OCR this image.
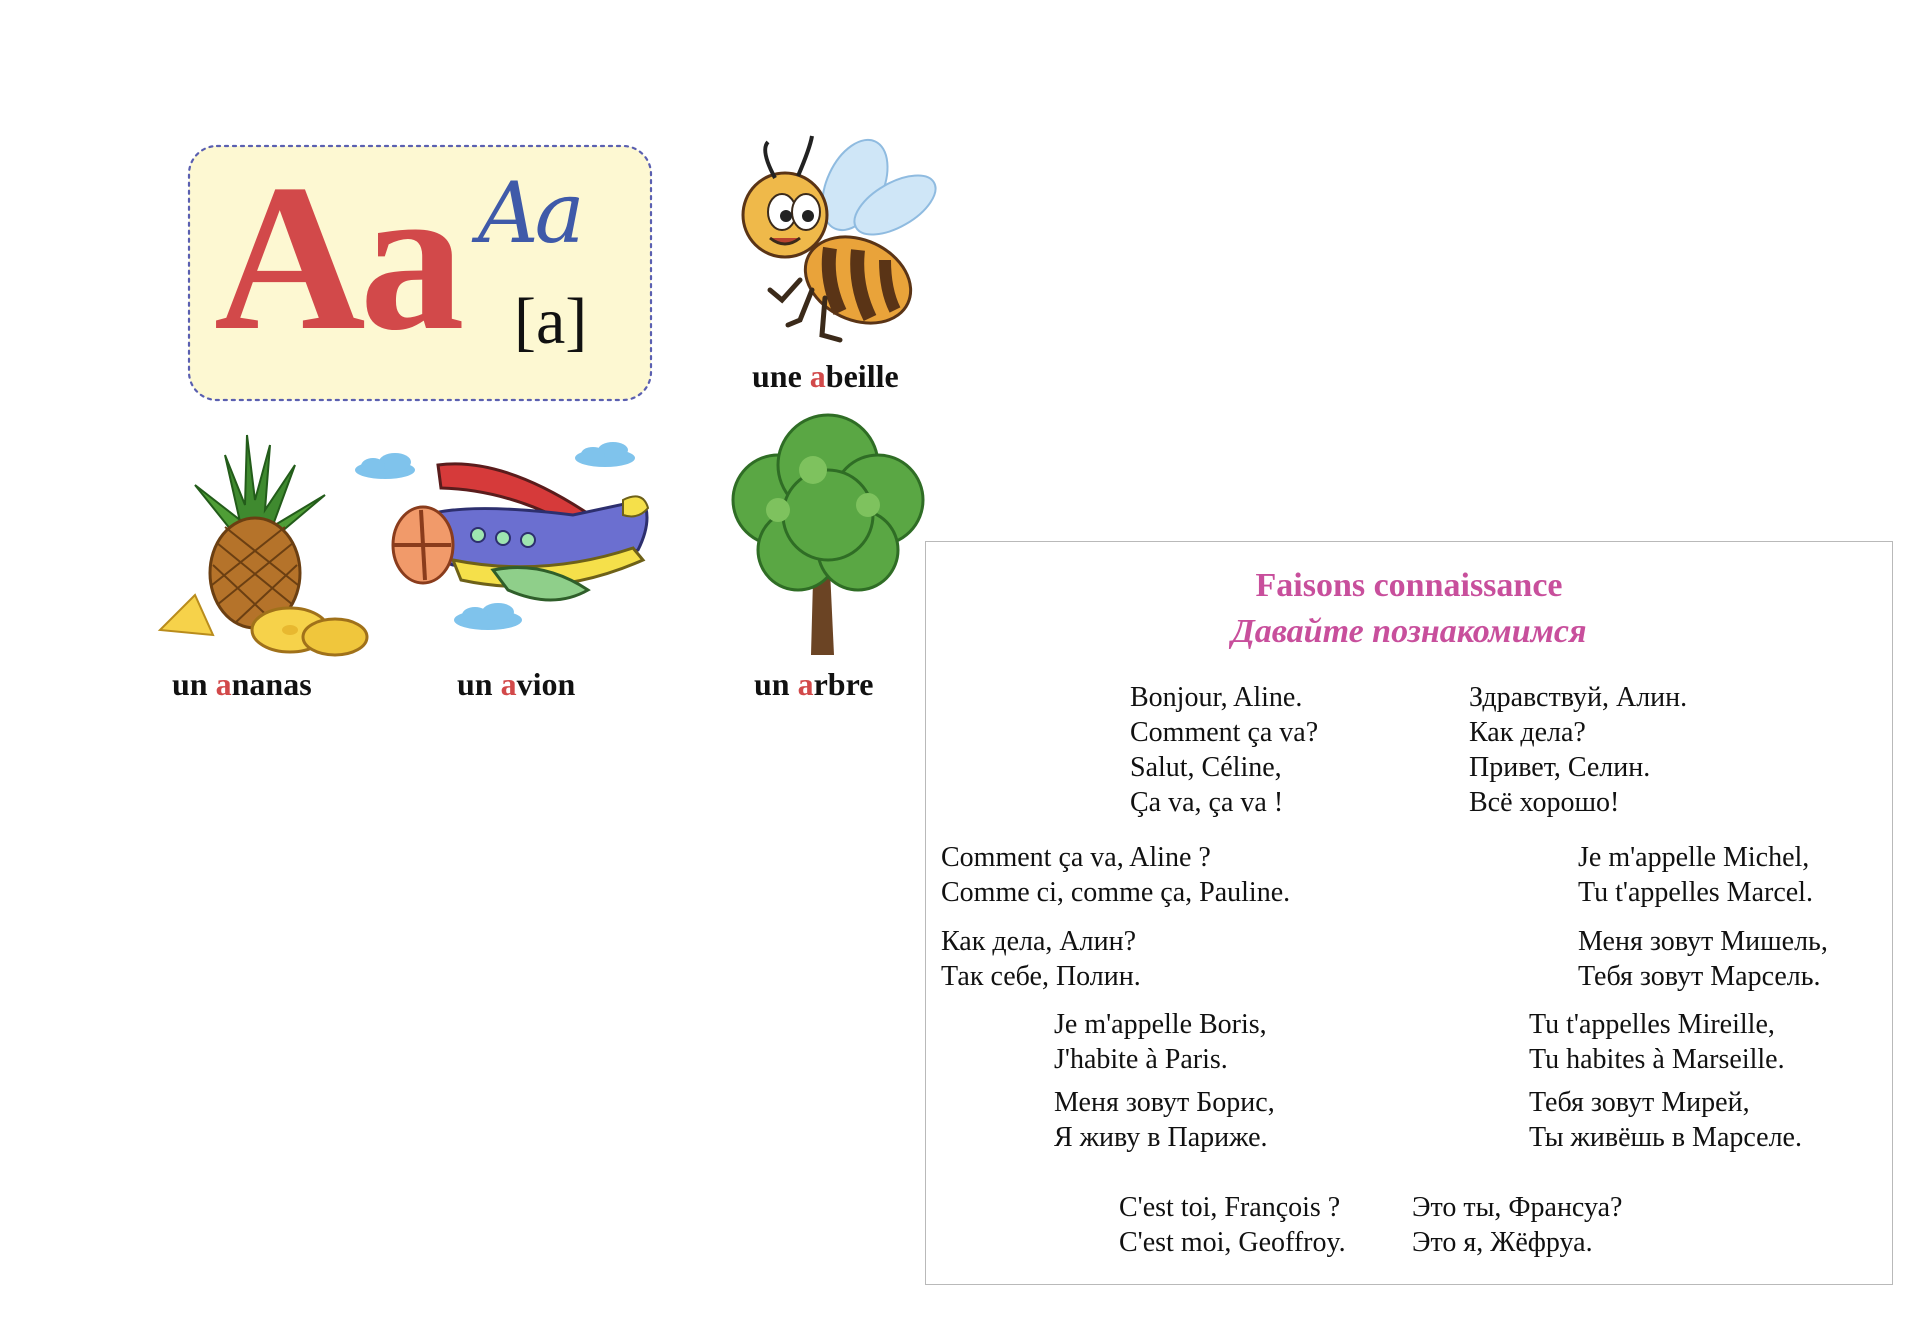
Aa Aa
[a]
une abeille
un ananas	un avion	un arbre
Faisons connaissance
Давайте познакомимся
Bonjour, Aline.
Comment ça va?
Salut, Céline,
Ça va, ça va !
Здравствуй, Алин.
Как дела?
Привет, Селин.
Всё хорошо!
Comment ça va, Aline ?
Comme ci, comme ça, Pauline.
Je m'appelle Michel,
Tu t'appelles Marcel.
Как дела, Алин?
Так себе, Полин.
Меня зовут Мишель,
Тебя зовут Марсель.
Je m'appelle Boris,
J'habite à Paris.
Tu t'appelles Mireille,
Tu habites à Marseille.
Меня зовут Борис,
Я живу в Париже.
Тебя зовут Мирей,
Ты живёшь в Марселе.
C'est toi, François ?
C'est moi, Geoffroy.
Это ты, Франсуа?
Это я, Жёфруа.
